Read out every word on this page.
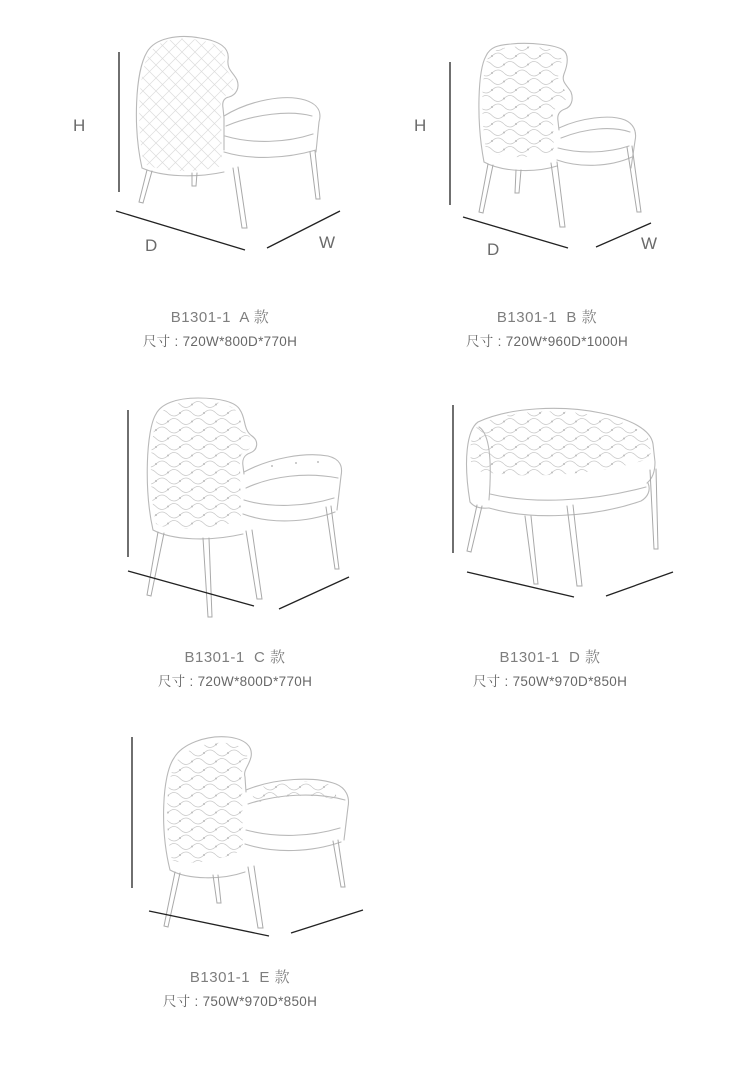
H
D	W
H
D	W
B1301-1  A 款
尺寸 : 720W*800D*770H
B1301-1  B 款
尺寸 : 720W*960D*1000H
B1301-1  C 款
尺寸 : 720W*800D*770H
B1301-1  D 款
尺寸 : 750W*970D*850H
B1301-1  E 款
尺寸 : 750W*970D*850H
